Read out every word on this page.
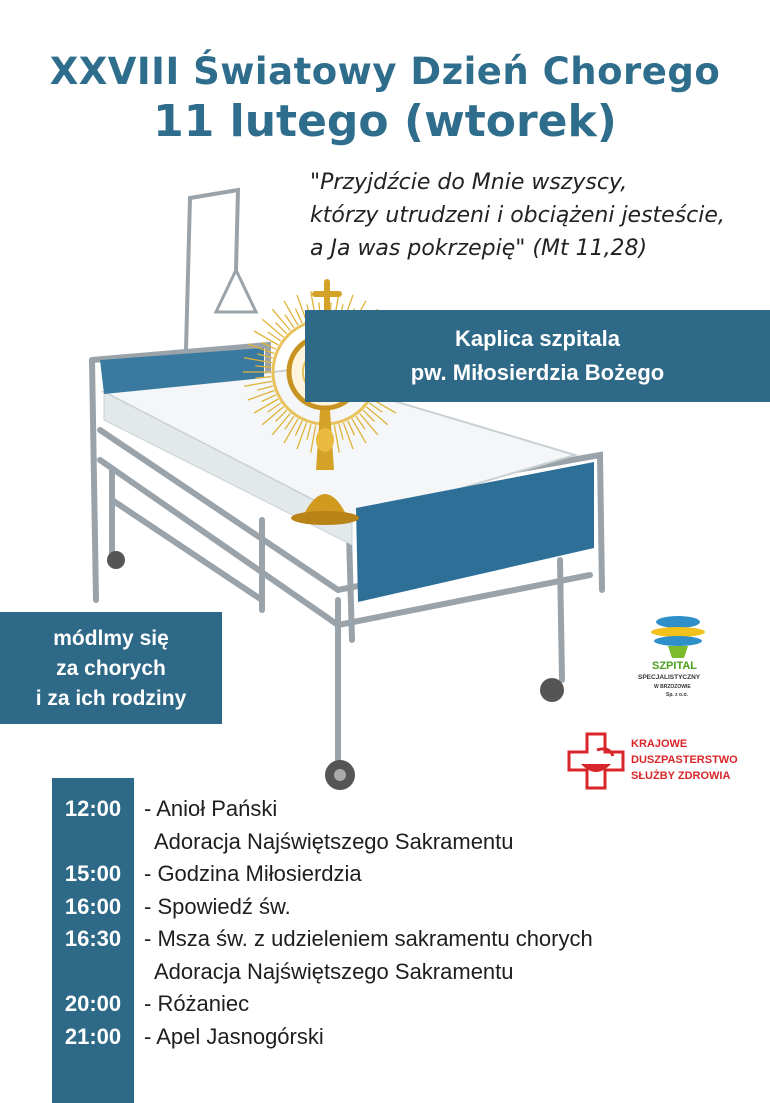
XXVIII Światowy Dzień Chorego
11 lutego (wtorek)
"Przyjdźcie do Mnie wszyscy,
którzy utrudzeni i obciążeni jesteście,
a Ja was pokrzepię" (Mt 11,28)
Kaplica szpitala
pw. Miłosierdzia Bożego
módlmy się
za chorych
i za ich rodziny
SZPITAL
SPECJALISTYCZNY
W BRZOZOWIE
Sp. z o.o.
KRAJOWE
DUSZPASTERSTWO
SŁUŻBY ZDROWIA
12:00	- Anioł Pański
Adoracja Najświętszego Sakramentu
15:00	- Godzina Miłosierdzia
16:00	- Spowiedź św.
16:30	- Msza św. z udzieleniem sakramentu chorych
Adoracja Najświętszego Sakramentu
20:00	- Różaniec
21:00	- Apel Jasnogórski
